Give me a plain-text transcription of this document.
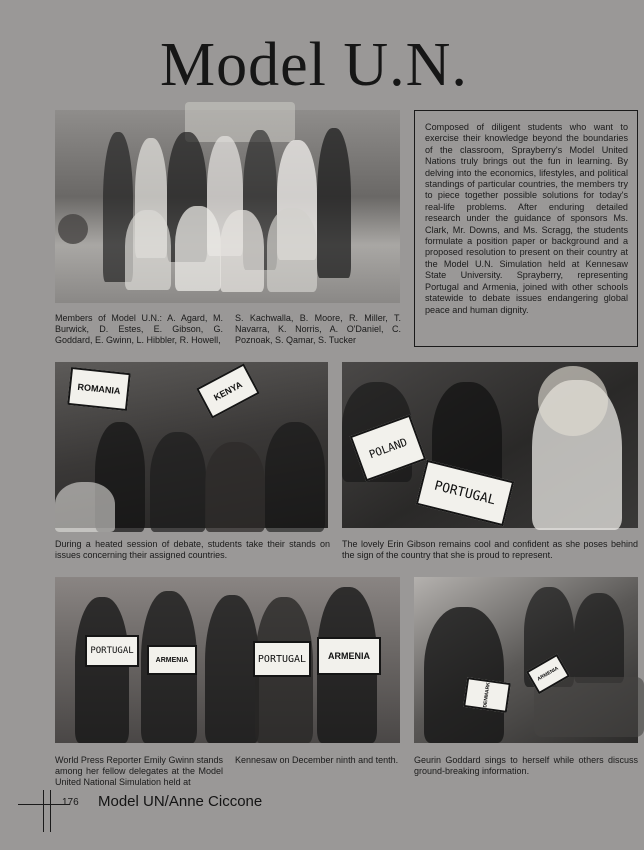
Model U.N.
Members of Model U.N.: A. Agard, M. Burwick, D. Estes, E. Gibson, G. Goddard, E. Gwinn, L. Hibbler, R. Howell,
S. Kachwalla, B. Moore, R. Miller, T. Navarra, K. Norris, A. O'Daniel, C. Poznoak, S. Qamar, S. Tucker

Composed of diligent students who want to exercise their knowledge beyond the boundaries of the classroom, Sprayberry's Model United Nations truly brings out the fun in learning. By delving into the economics, lifestyles, and political standings of particular countries, the members try to piece together possible solutions for today's real-life problems. After enduring detailed research under the guidance of sponsors Ms. Clark, Mr. Downs, and Ms. Scragg, the students formulate a position paper or background and a proposed resolution to present on their country at the Model U.N. Simulation held at Kennesaw State University. Sprayberry, representing Portugal and Armenia, joined with other schools statewide to debate issues endangering global peace and human dignity.

ROMANIA	KENYA
During a heated session of debate, students take their stands on issues concerning their assigned countries.
POLAND
PORTUGAL
The lovely Erin Gibson remains cool and confident as she poses behind the sign of the country that she is proud to represent.
PORTUGAL
ARMENIA	PORTUGAL	ARMENIA
World Press Reporter Emily Gwinn stands among her fellow delegates at the Model United National Simulation held at
Kennesaw on December ninth and tenth.
DENMARK
ARMENIA
Geurin Goddard sings to herself while others discuss ground-breaking information.
176 Model UN/Anne Ciccone
